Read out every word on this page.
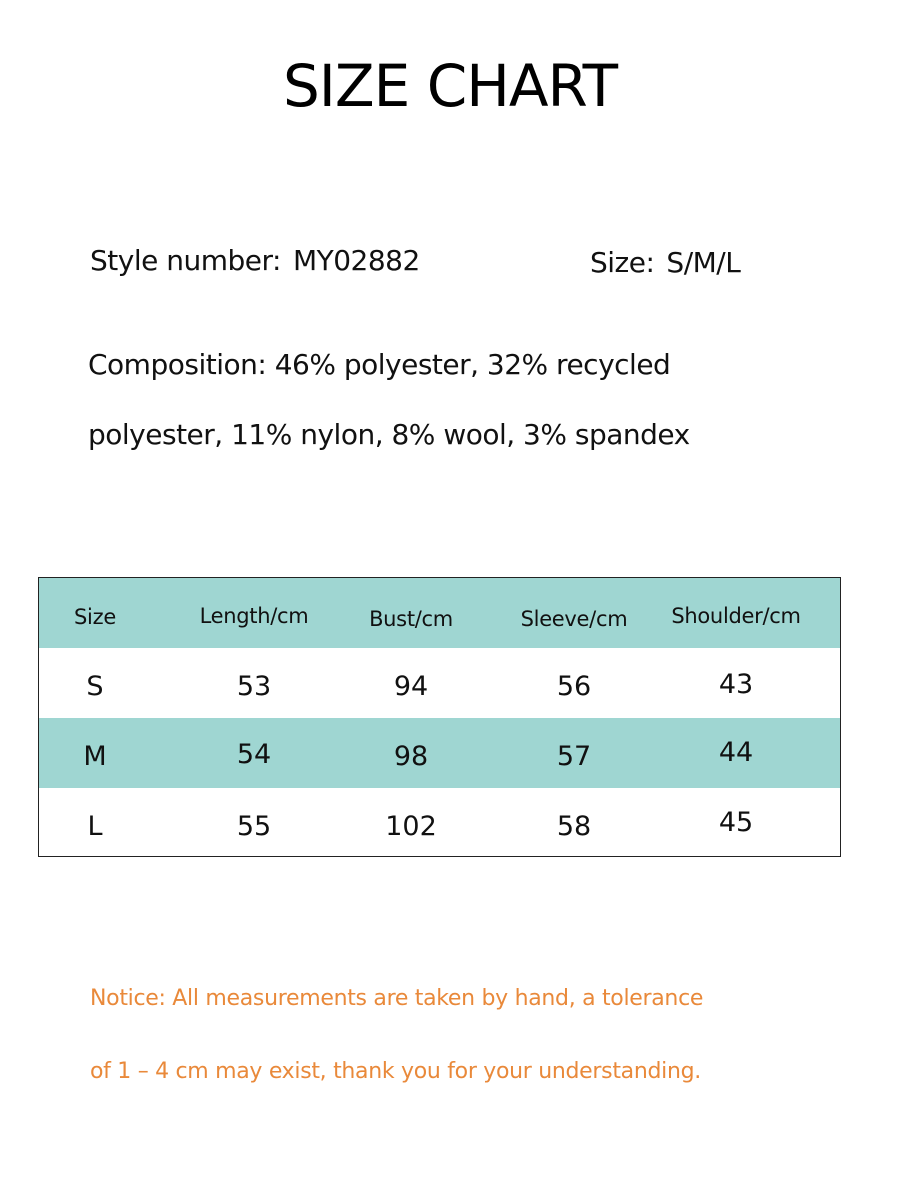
SIZE CHART
Style number: MY02882	Size: S/M/L
Composition: 46% polyester, 32% recycled
polyester, 11% nylon, 8% wool, 3% spandex
Size	Length/cm	Bust/cm	Sleeve/cm	Shoulder/cm
S	53	94	56	43
M	54	98	57	44
L	55	102	58	45
Notice: All measurements are taken by hand, a tolerance
of 1 – 4 cm may exist, thank you for your understanding.
